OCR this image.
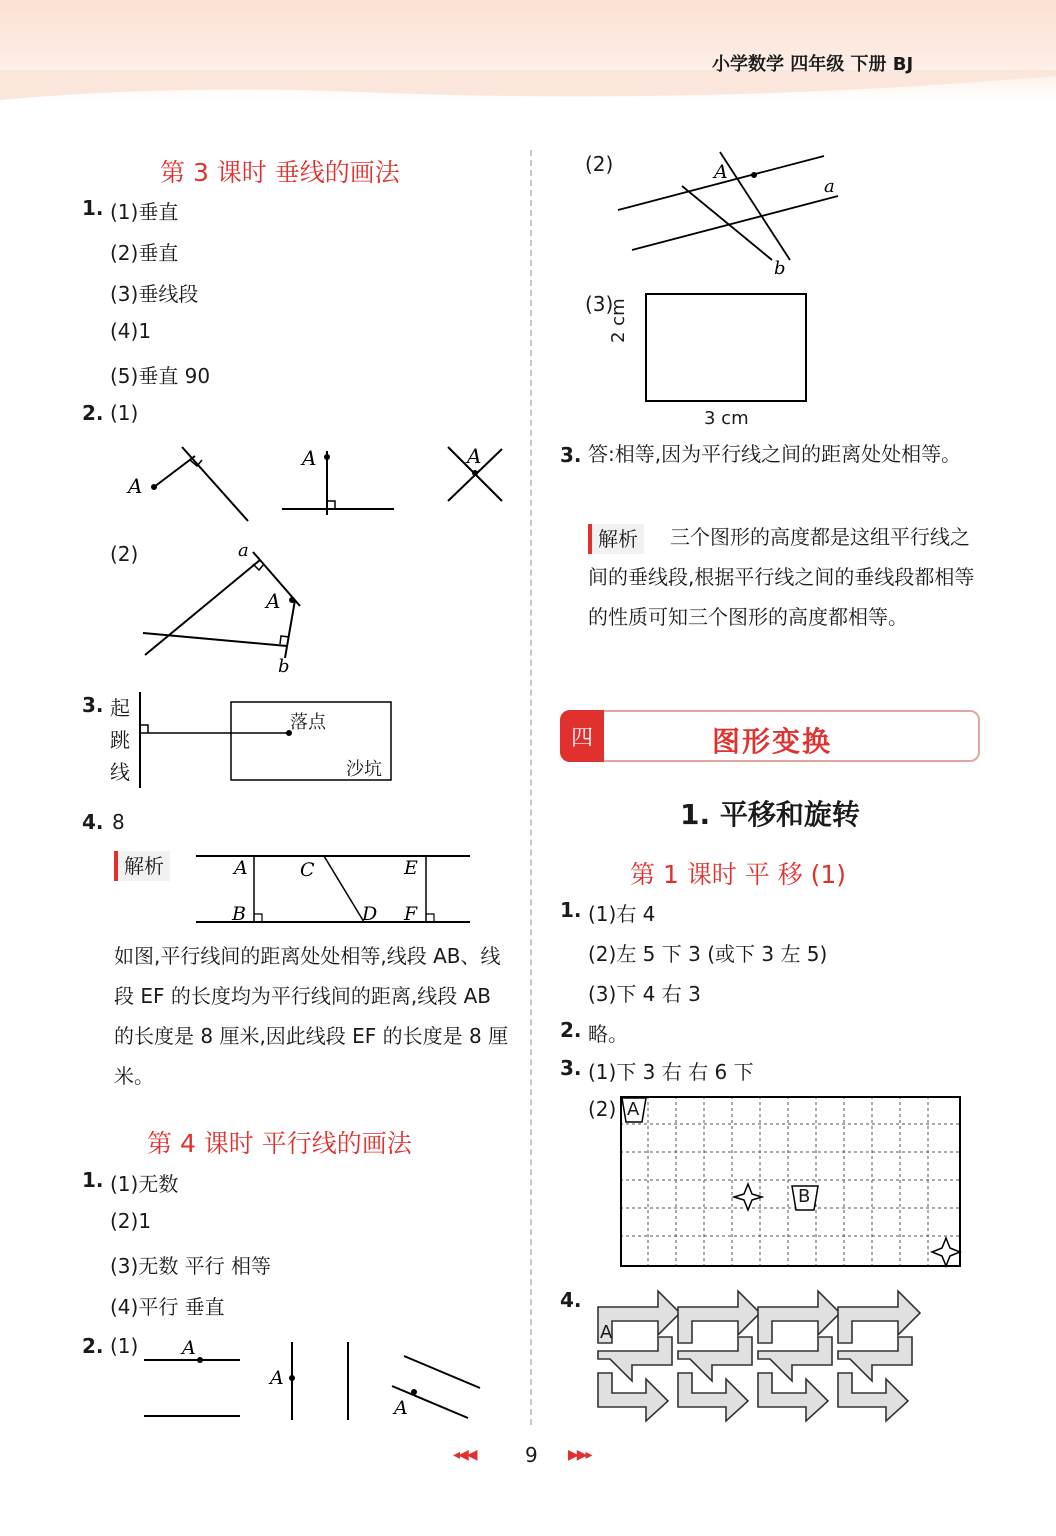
小学数学 四年级 下册 BJ
第 3 课时 垂线的画法
1. (1)垂直
(2)垂直
(3)垂线段
(4)1
(5)垂直 90
2. (1)
A
A	A
(2)	a
A
b
3. 起
跳
线
落点
沙坑
4. 8
解析	A
B
C
D
E
F
如图,平行线间的距离处处相等,线段 AB、线段 EF 的长度均为平行线间的距离,线段 AB 的长度是 8 厘米,因此线段 EF 的长度是 8 厘米。
第 4 课时 平行线的画法
1. (1)无数
(2)1
(3)无数 平行 相等
(4)平行 垂直
2. (1) A
A
A
(2)	A
a
b
(3)
2 cm
3 cm
3. 答:相等,因为平行线之间的距离处处相等。
解析	三个图形的高度都是这组平行线之间的垂线段,根据平行线之间的垂线段都相等的性质可知三个图形的高度都相等。
四	图形变换
1. 平移和旋转
第 1 课时 平 移 (1)
1. (1)右 4
(2)左 5 下 3 (或下 3 左 5)
(3)下 4 右 3
2. 略。
3. (1)下 3 右 右 6 下
(2) A
B
4.
A
◂◀◀ 9 ▶▶▸
